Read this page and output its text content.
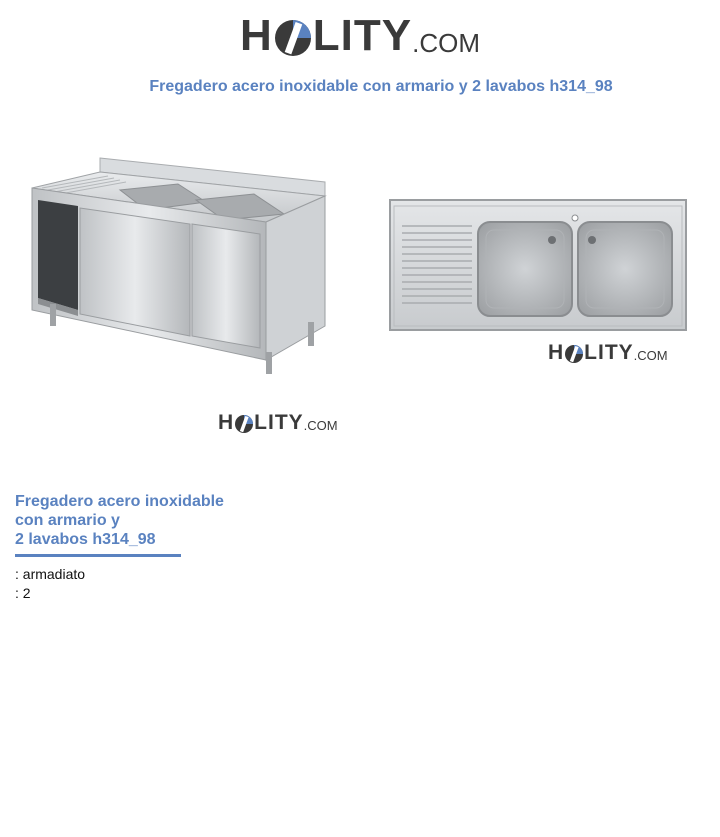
H LITY .COM
Fregadero acero inoxidable con armario y 2 lavabos h314_98
H LITY .COM
H LITY .COM
Fregadero acero inoxidable
con armario y
2 lavabos h314_98
: armadiato
: 2
